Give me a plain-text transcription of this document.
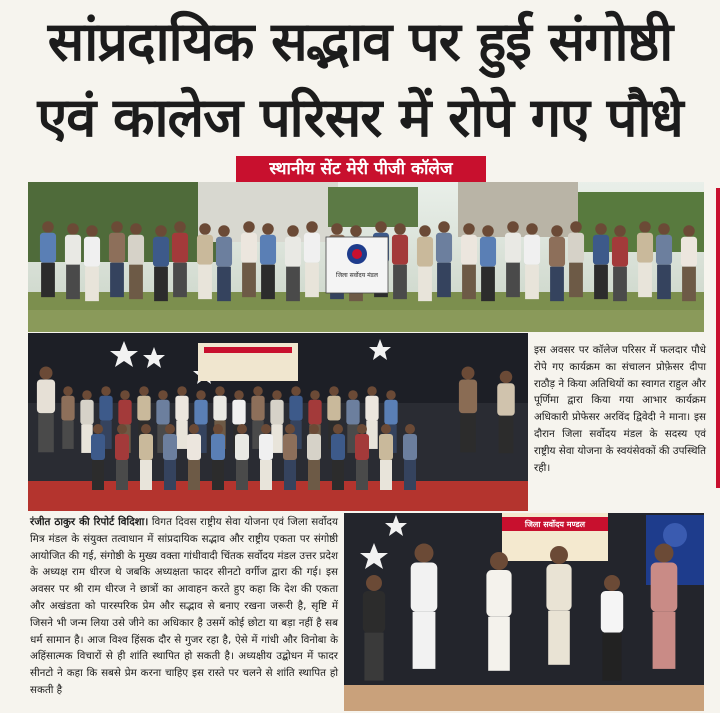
सांप्रदायिक सद्भाव पर हुई संगोष्ठी
एवं कालेज परिसर में रोपे गए पौधे
स्थानीय सेंट मेरी पीजी कॉलेज
जिला सर्वोदय मंडल
जिला सर्वोदय मण्डल
इस अवसर पर कॉलेज परिसर में फलदार पौधे रोपे गए कार्यक्रम का संचालन प्रोफ़ेसर दीपा राठौड़ ने किया अतिथियों का स्वागत राहुल और पूर्णिमा द्वारा किया गया आभार कार्यक्रम अधिकारी प्रोफेसर अरविंद द्विवेदी ने माना। इस दौरान जिला सर्वोदय मंडल के सदस्य एवं राष्ट्रीय सेवा योजना के स्वयंसेवकों की उपस्थिति रही।
रंजीत ठाकुर की रिपोर्ट विदिशा। विगत दिवस राष्ट्रीय सेवा योजना एवं जिला सर्वोदय मित्र मंडल के संयुक्त तत्वाधान में सांप्रदायिक सद्भाव और राष्ट्रीय एकता पर संगोष्ठी आयोजित की गई, संगोष्ठी के मुख्य वक्ता गांधीवादी चिंतक सर्वोदय मंडल उत्तर प्रदेश के अध्यक्ष राम धीरज थे जबकि अध्यक्षता फादर सीनटो वर्गीज द्वारा की गई। इस अवसर पर श्री राम धीरज ने छात्रों का आवाहन करते हुए कहा कि देश की एकता और अखंडता को पारस्परिक प्रेम और सद्भाव से बनाए रखना जरूरी है, सृष्टि में जिसने भी जन्म लिया उसे जीने का अधिकार है उसमें कोई छोटा या बड़ा नहीं है सब धर्म सामान है। आज विश्व हिंसक दौर से गुजर रहा है, ऐसे में गांधी और विनोबा के अहिंसात्मक विचारों से ही शांति स्थापित हो सकती है। अध्यक्षीय उद्बोधन में फादर सीनटो ने कहा कि सबसे प्रेम करना चाहिए इस रास्ते पर चलने से शांति स्थापित हो सकती है
